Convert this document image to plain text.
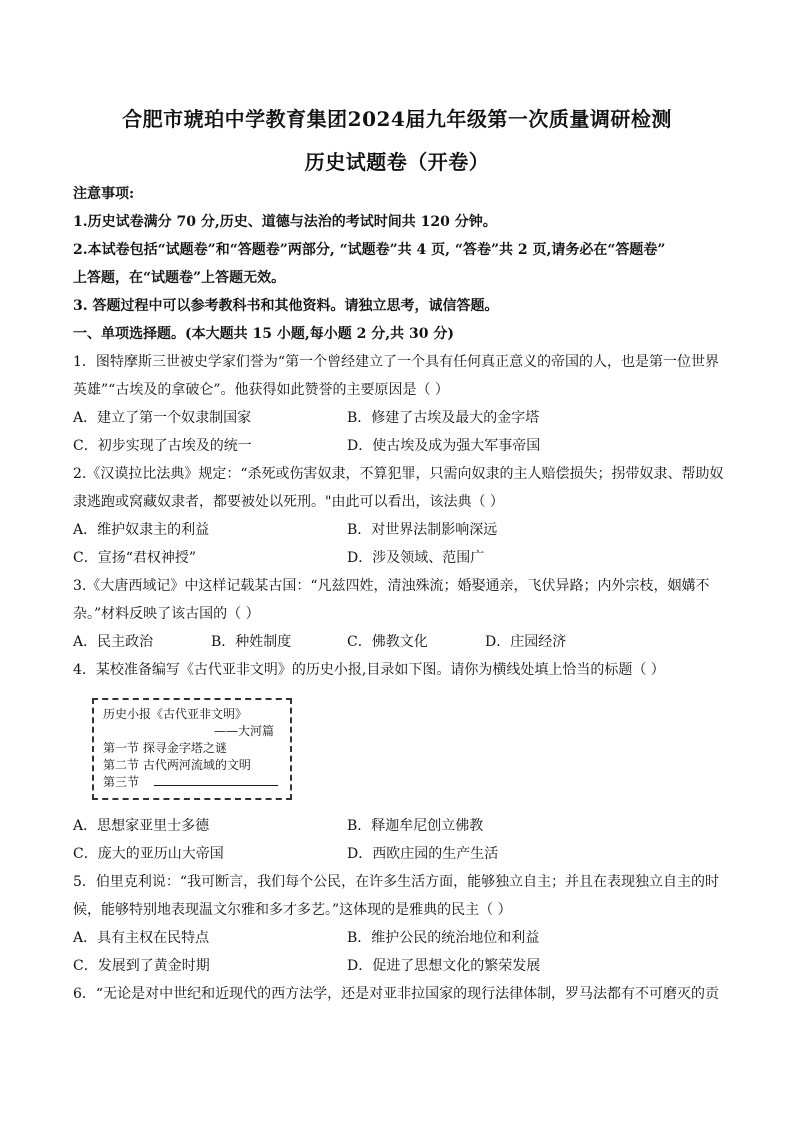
合肥市琥珀中学教育集团2024届九年级第一次质量调研检测
历史试题卷（开卷）
注意事项:
1.历史试卷满分 70 分,历史、道德与法治的考试时间共 120 分钟。
2.本试卷包括“试题卷”和“答题卷”两部分, “试题卷”共 4 页, “答卷”共 2 页,请务必在“答题卷”
上答题，在“试题卷”上答题无效。
3. 答题过程中可以参考教科书和其他资料。请独立思考，诚信答题。
一、单项选择题。(本大题共 15 小题,每小题 2 分,共 30 分)
1．图特摩斯三世被史学家们誉为“第一个曾经建立了一个具有任何真正意义的帝国的人，也是第一位世界
英雄”“古埃及的拿破仑”。他获得如此赞誉的主要原因是（ ）
A．建立了第一个奴隶制国家	B．修建了古埃及最大的金字塔
C．初步实现了古埃及的统一	D．使古埃及成为强大军事帝国
2.《汉谟拉比法典》规定：“杀死或伤害奴隶，不算犯罪，只需向奴隶的主人赔偿损失；拐带奴隶、帮助奴
隶逃跑或窝藏奴隶者，都要被处以死刑。"由此可以看出，该法典（ ）
A．维护奴隶主的利益	B．对世界法制影响深远
C．宣扬“君权神授”	D．涉及领域、范围广
3.《大唐西域记》中这样记载某古国：“凡兹四姓，清浊殊流；婚娶通亲，飞伏异路；内外宗枝，姻媾不
杂。”材料反映了该古国的（ ）
A．民主政治	B．种姓制度	C．佛教文化	D．庄园经济
4．某校准备编写《古代亚非文明》的历史小报,目录如下图。请你为横线处填上恰当的标题（ ）
历史小报《古代亚非文明》
——大河篇
第一节 探寻金字塔之谜
第二节 古代两河流域的文明
第三节
A．思想家亚里士多德	B．释迦牟尼创立佛教
C．庞大的亚历山大帝国	D．西欧庄园的生产生活
5．伯里克利说：“我可断言，我们每个公民，在许多生活方面，能够独立自主；并且在表现独立自主的时
候，能够特别地表现温文尔雅和多才多艺。”这体现的是雅典的民主（ ）
A．具有主权在民特点	B．维护公民的统治地位和利益
C．发展到了黄金时期	D．促进了思想文化的繁荣发展
6．“无论是对中世纪和近现代的西方法学，还是对亚非拉国家的现行法律体制，罗马法都有不可磨灭的贡
